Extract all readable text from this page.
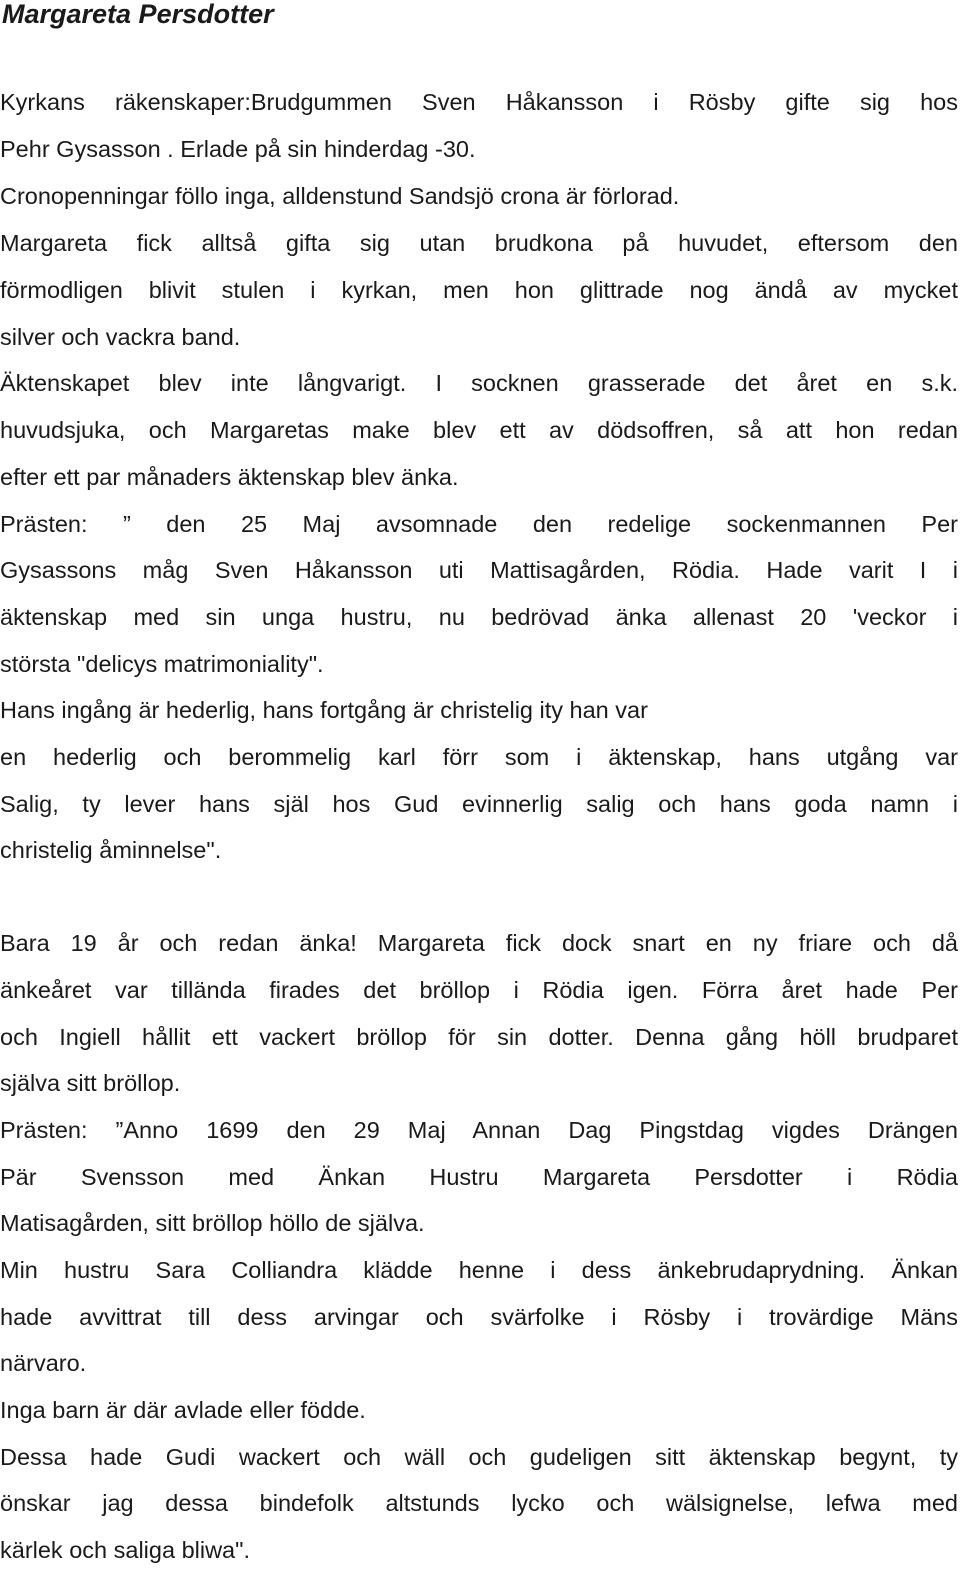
Margareta Persdotter
Kyrkans räkenskaper:Brudgummen Sven Håkansson i Rösby gifte sig hos
Pehr Gysasson . Erlade på sin hinderdag -30.
Cronopenningar föllo inga, alldenstund Sandsjö crona är förlorad.
Margareta fick alltså gifta sig utan brudkona på huvudet, eftersom den
förmodligen blivit stulen i kyrkan, men hon glittrade nog ändå av mycket
silver och vackra band.
Äktenskapet blev inte långvarigt. I socknen grasserade det året en s.k.
huvudsjuka, och Margaretas make blev ett av dödsoffren, så att hon redan
efter ett par månaders äktenskap blev änka.
Prästen: ” den 25 Maj avsomnade den redelige sockenmannen Per
Gysassons måg Sven Håkansson uti Mattisagården, Rödia. Hade varit I i
äktenskap med sin unga hustru, nu bedrövad änka allenast 20 'veckor i
största "delicys matrimoniality".
Hans ingång är hederlig, hans fortgång är christelig ity han var
en hederlig och berommelig karl förr som i äktenskap, hans utgång var
Salig, ty lever hans själ hos Gud evinnerlig salig och hans goda namn i
christelig åminnelse".
Bara 19 år och redan änka! Margareta fick dock snart en ny friare och då
änkeåret var tillända firades det bröllop i Rödia igen. Förra året hade Per
och Ingiell hållit ett vackert bröllop för sin dotter. Denna gång höll brudparet
själva sitt bröllop.
Prästen: ”Anno 1699 den 29 Maj Annan Dag Pingstdag vigdes Drängen
Pär Svensson med Änkan Hustru Margareta Persdotter i Rödia
Matisagården, sitt bröllop höllo de själva.
Min hustru Sara Colliandra klädde henne i dess änkebrudaprydning. Änkan
hade avvittrat till dess arvingar och svärfolke i Rösby i trovärdige Mäns
närvaro.
Inga barn är där avlade eller födde.
Dessa hade Gudi wackert och wäll och gudeligen sitt äktenskap begynt, ty
önskar jag dessa bindefolk altstunds lycko och wälsignelse, lefwa med
kärlek och saliga bliwa".
